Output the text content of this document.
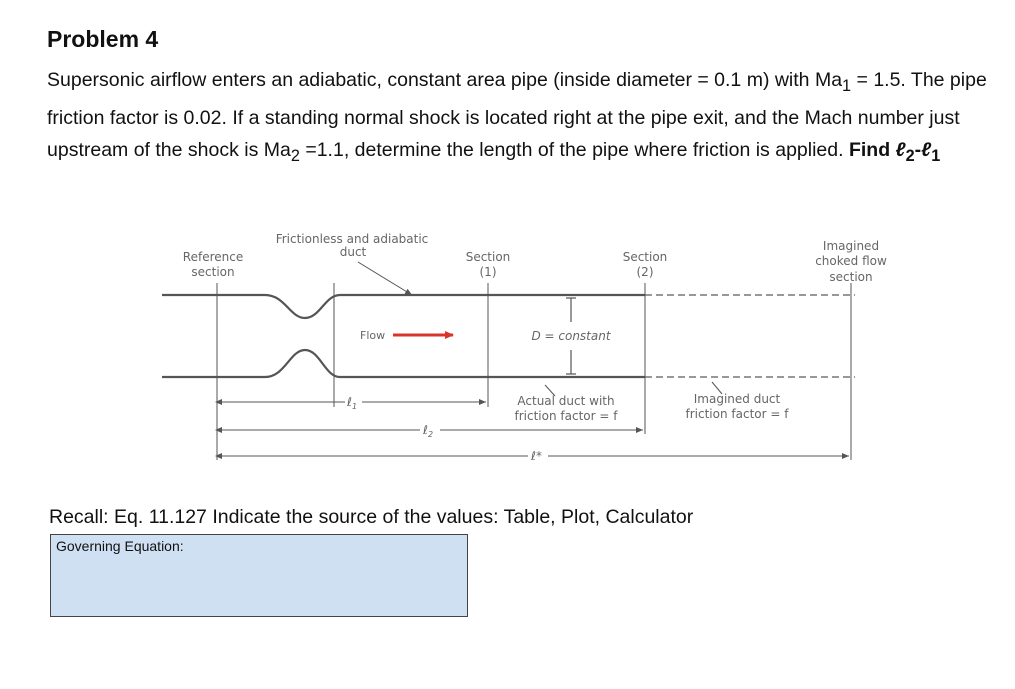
Problem 4
Supersonic airflow enters an adiabatic, constant area pipe (inside diameter = 0.1 m) with $Ma_1 = 1.5$. The pipe friction factor is 0.02. If a standing normal shock is located right at the pipe exit, and the Mach number just upstream of the shock is $Ma_2 =1.1$, determine the length of the pipe where friction is applied. Find ℓ$_2$-ℓ$_1$
Frictionless and adiabatic
duct
Reference
section
Section
(1)
Section
(2)
Imagined
choked flow
section
Flow	D = constant
Actual duct with
friction factor = f
Imagined duct
friction factor = f
ℓ$_1$
ℓ$_2$
ℓ*
Recall: Eq. 11.127 Indicate the source of the values: Table, Plot, Calculator
Governing Equation:
